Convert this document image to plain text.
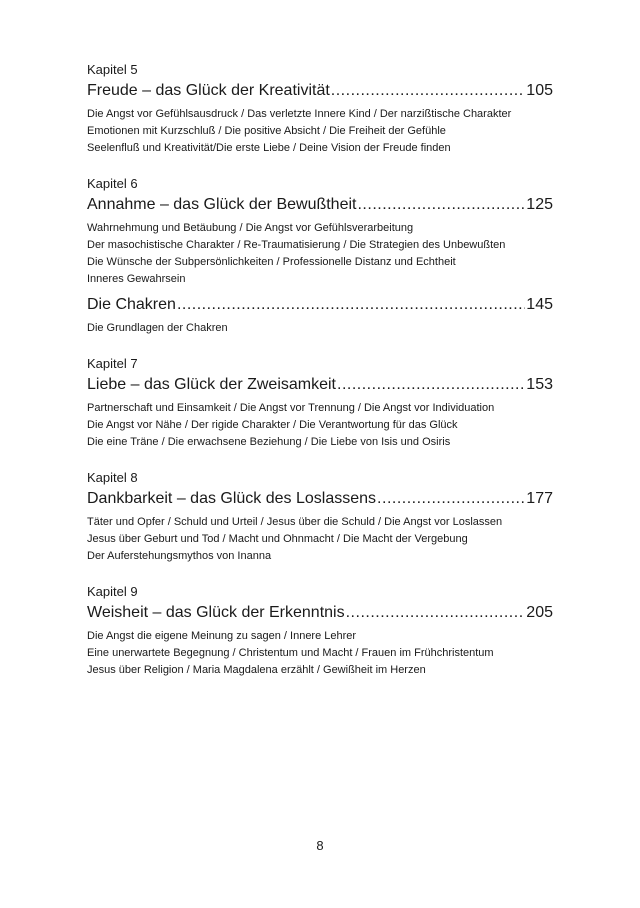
Kapitel 5
Freude – das Glück der Kreativität .....	105
Die Angst vor Gefühlsausdruck / Das verletzte Innere Kind / Der narzißtische Charakter
Emotionen mit Kurzschluß / Die positive Absicht / Die Freiheit der Gefühle
Seelenfluß und Kreativität/Die erste Liebe / Deine Vision der Freude finden
Kapitel 6
Annahme – das Glück der Bewußtheit .....	125
Wahrnehmung und Betäubung / Die Angst vor Gefühlsverarbeitung
Der masochistische Charakter / Re-Traumatisierung / Die Strategien des Unbewußten
Die Wünsche der Subpersönlichkeiten / Professionelle Distanz und Echtheit
Inneres Gewahrsein
Die Chakren .....	145
Die Grundlagen der Chakren
Kapitel 7
Liebe – das Glück der Zweisamkeit .....	153
Partnerschaft und Einsamkeit / Die Angst vor Trennung / Die Angst vor Individuation
Die Angst vor Nähe / Der rigide Charakter / Die Verantwortung für das Glück
Die eine Träne / Die erwachsene Beziehung / Die Liebe von Isis und Osiris
Kapitel 8
Dankbarkeit – das Glück des Loslassens .....	177
Täter und Opfer / Schuld und Urteil / Jesus über die Schuld / Die Angst vor Loslassen
Jesus über Geburt und Tod / Macht und Ohnmacht / Die Macht der Vergebung
Der Auferstehungsmythos von Inanna
Kapitel 9
Weisheit – das Glück der Erkenntnis .....	205
Die Angst die eigene Meinung zu sagen / Innere Lehrer
Eine unerwartete Begegnung / Christentum und Macht / Frauen im Frühchristentum
Jesus über Religion / Maria Magdalena erzählt / Gewißheit im Herzen
8
